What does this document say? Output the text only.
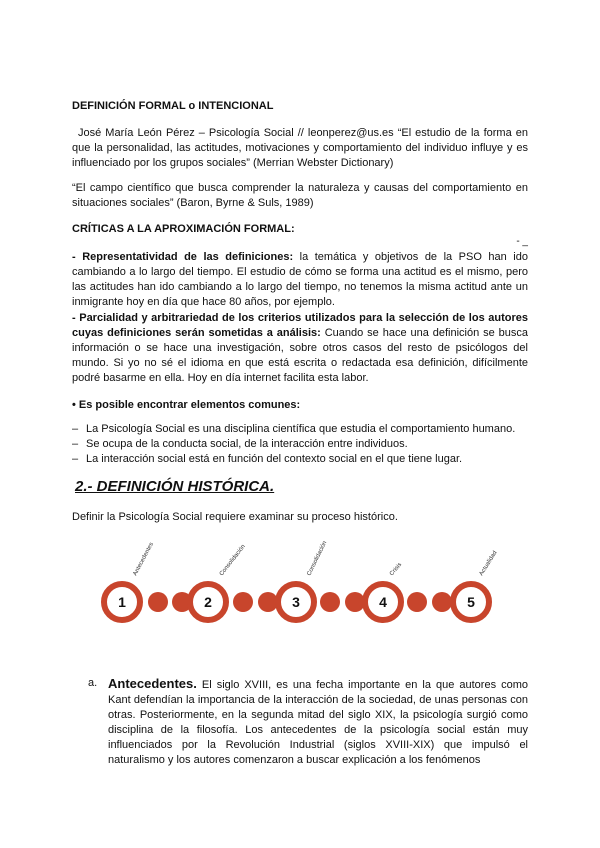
DEFINICIÓN FORMAL o INTENCIONAL
José María León Pérez – Psicología Social // leonperez@us.es “El estudio de la forma en que la personalidad, las actitudes, motivaciones y comportamiento del individuo influye y es influenciado por los grupos sociales” (Merrian Webster Dictionary)
“El campo científico que busca comprender la naturaleza y causas del comportamiento en situaciones sociales” (Baron, Byrne & Suls, 1989)
CRÍTICAS A LA APROXIMACIÓN FORMAL:
- _
- Representatividad de las definiciones: la temática y objetivos de la PSO han ido cambiando a lo largo del tiempo. El estudio de cómo se forma una actitud es el mismo, pero las actitudes han ido cambiando a lo largo del tiempo, no tenemos la misma actitud ante un inmigrante hoy en día que hace 80 años, por ejemplo.
- Parcialidad y arbitrariedad de los criterios utilizados para la selección de los autores cuyas definiciones serán sometidas a análisis: Cuando se hace una definición se busca información o se hace una investigación, sobre otros casos del resto de psicólogos del mundo. Si yo no sé el idioma en que está escrita o redactada esa definición, difícilmente podré basarme en ella. Hoy en día internet facilita esta labor.
• Es posible encontrar elementos comunes:
– La Psicología Social es una disciplina científica que estudia el comportamiento humano.
– Se ocupa de la conducta social, de la interacción entre individuos.
– La interacción social está en función del contexto social en el que tiene lugar.
2.- DEFINICIÓN HISTÓRICA.
Definir la Psicología Social requiere examinar su proceso histórico.
1
Antecedentes
2
Consolidación
3
Consolidación
4
Crisis
5
Actualidad
a. Antecedentes. El siglo XVIII, es una fecha importante en la que autores como Kant defendían la importancia de la interacción de la sociedad, de unas personas con otras. Posteriormente, en la segunda mitad del siglo XIX, la psicología surgió como disciplina de la filosofía. Los antecedentes de la psicología social están muy influenciados por la Revolución Industrial (siglos XVIII-XIX) que impulsó el naturalismo y los autores comenzaron a buscar explicación a los fenómenos
